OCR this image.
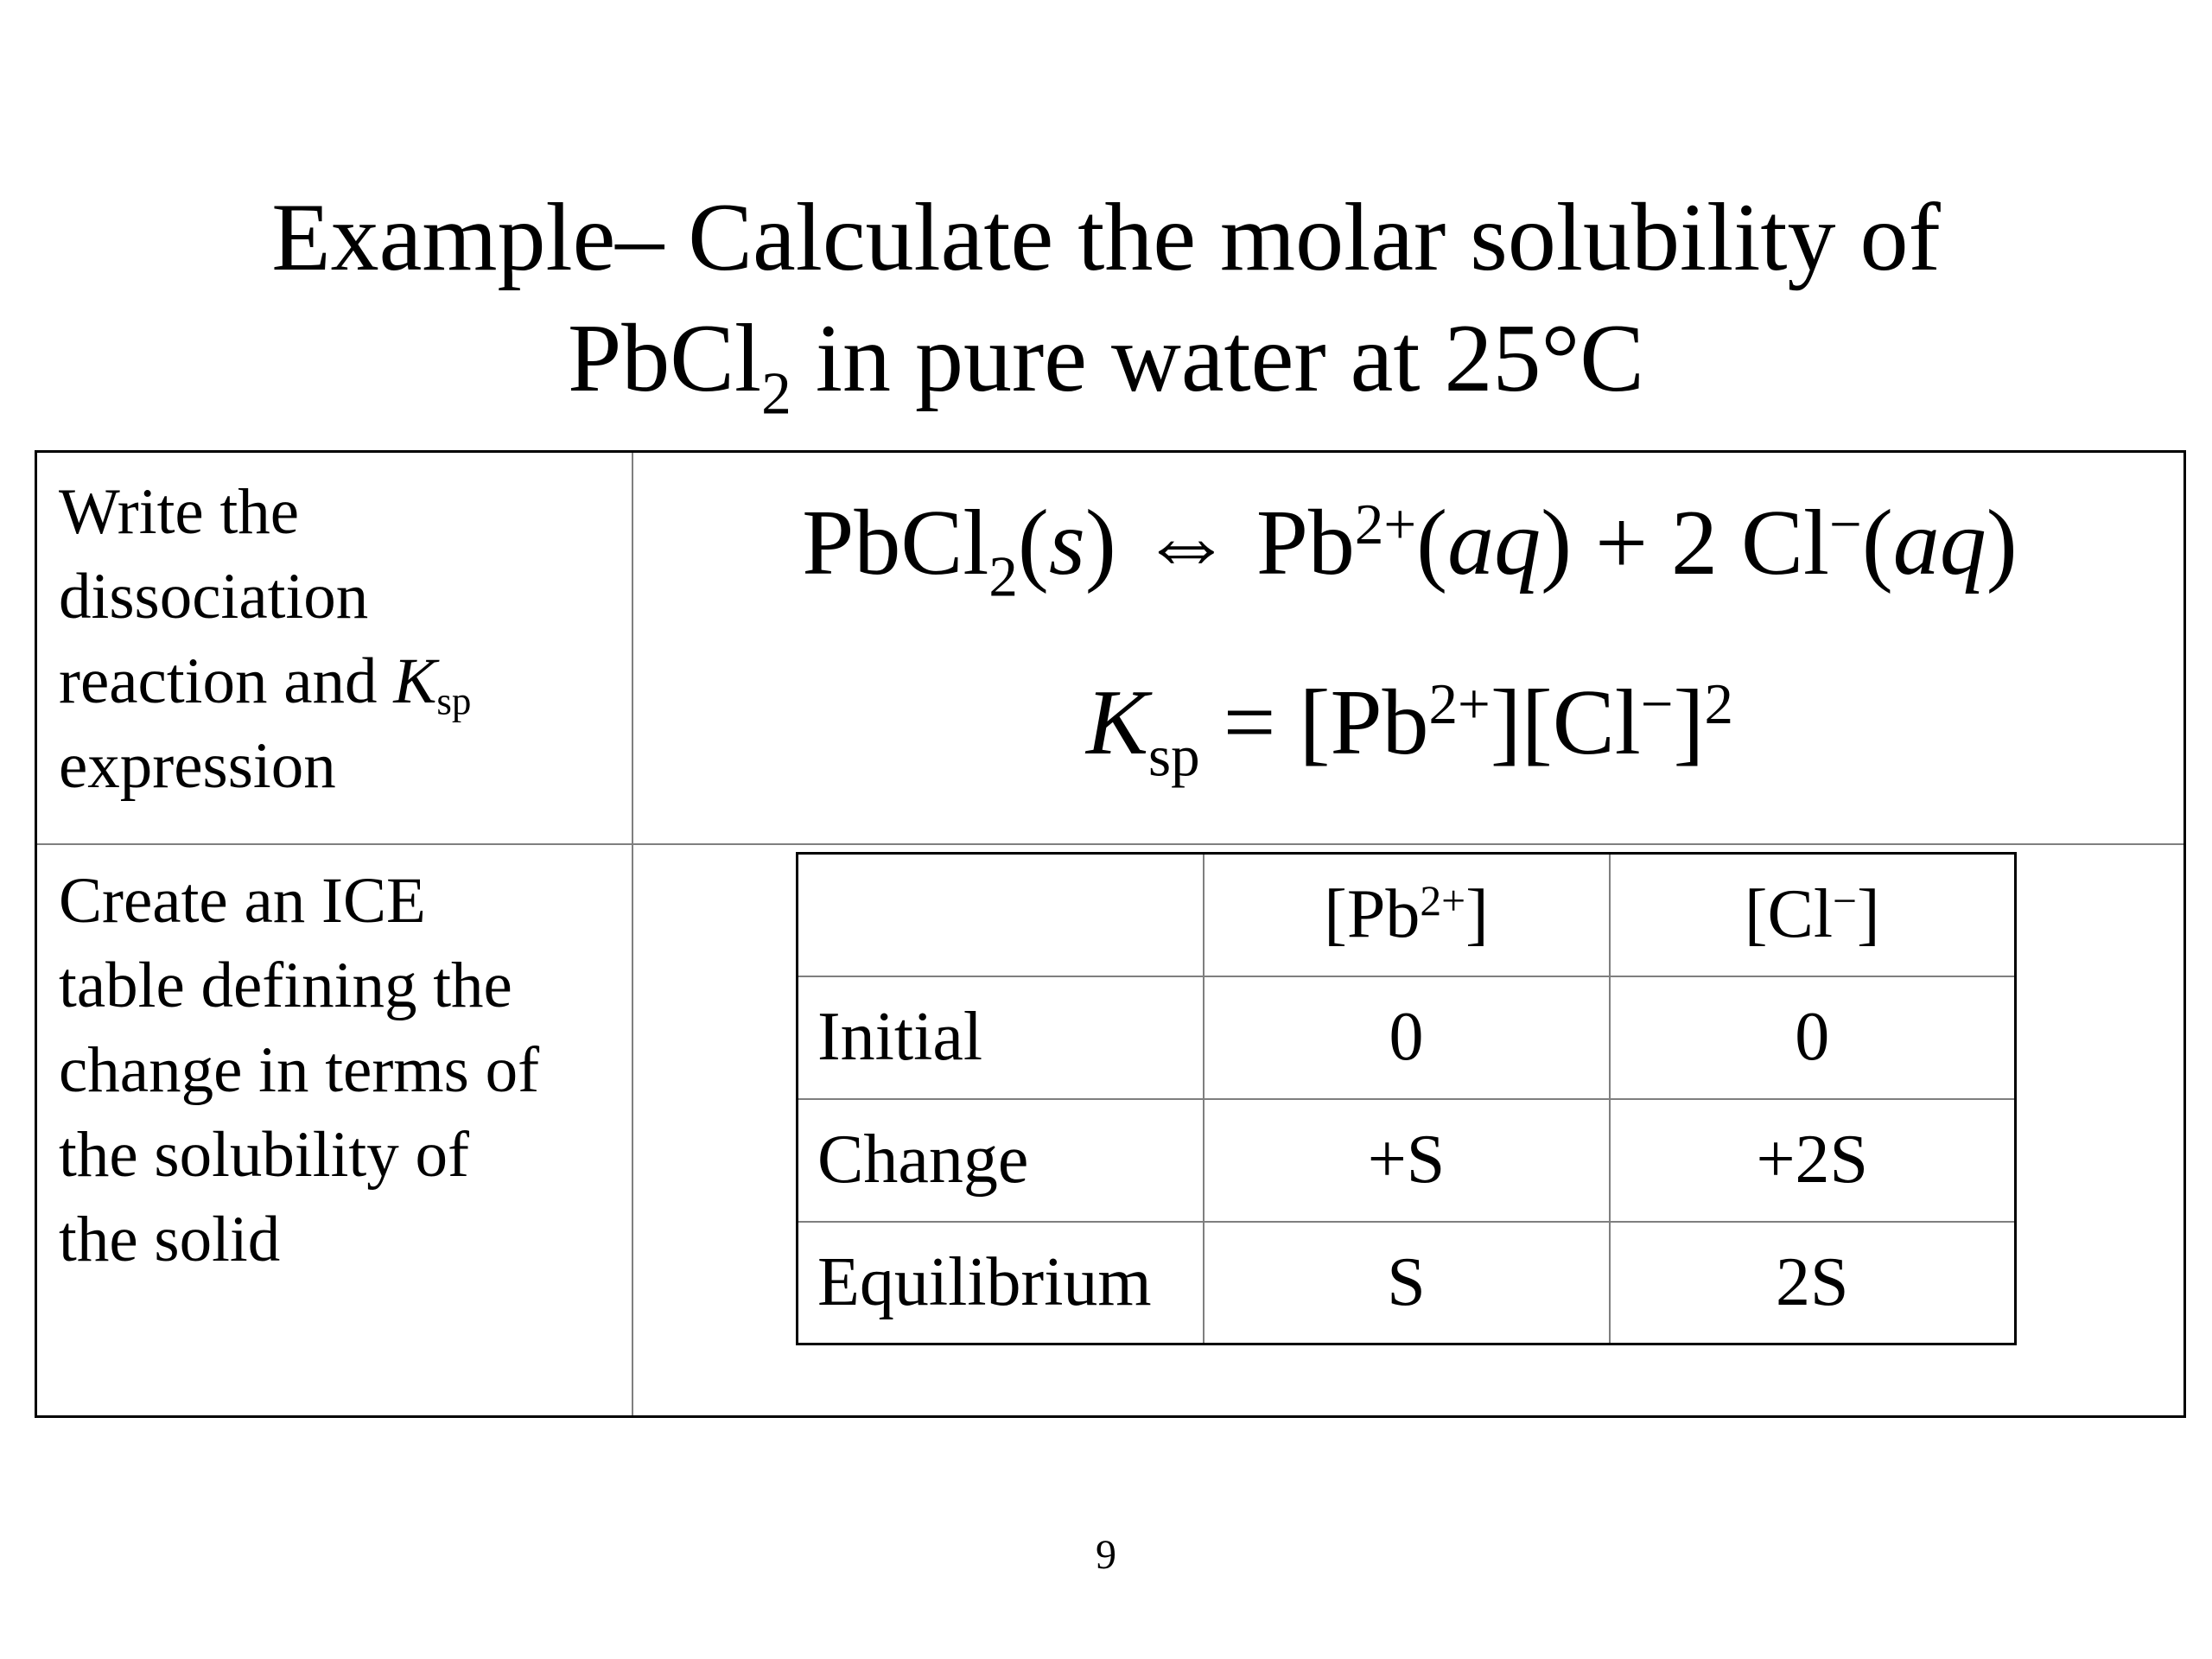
Example– Calculate the molar solubility of
PbCl$_2$ in pure water at 25°C
Write the
dissociation
reaction and $K_{sp}$
expression
PbCl$_2$(s) ⇔ $Pb^{2+}(aq) + 2$ Cl−(aq)
$K_{sp} = [Pb^{2+}][Cl^-]^2$
Create an ICE
table defining the
change in terms of
the solubility of
the solid
	$[Pb^{2+}]$	[Cl−]
Initial	0	0
Change	+S	+2S
Equilibrium	S	2S
9
